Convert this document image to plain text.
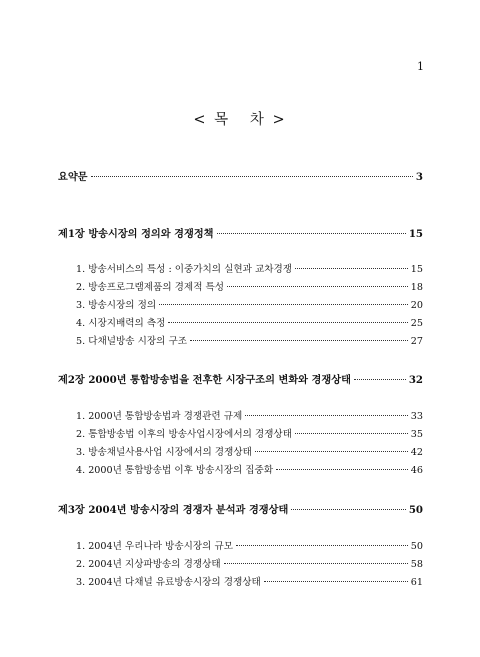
1
< 목   차 >
요약문	3
제1장 방송시장의 정의와 경쟁정책	15
1. 방송서비스의 특성 : 이중가치의 실현과 교차경쟁	15
2. 방송프로그램제품의 경제적 특성	18
3. 방송시장의 정의	20
4. 시장지배력의 측정	25
5. 다채널방송 시장의 구조	27
제2장 2000년 통합방송법을 전후한 시장구조의 변화와 경쟁상태	32
1. 2000년 통합방송법과 경쟁관련 규제	33
2. 통합방송법 이후의 방송사업시장에서의 경쟁상태	35
3. 방송채널사용사업 시장에서의 경쟁상태	42
4. 2000년 통합방송법 이후 방송시장의 집중화	46
제3장 2004년 방송시장의 경쟁자 분석과 경쟁상태	50
1. 2004년 우리나라 방송시장의 규모	50
2. 2004년 지상파방송의 경쟁상태	58
3. 2004년 다채널 유료방송시장의 경쟁상태	61
